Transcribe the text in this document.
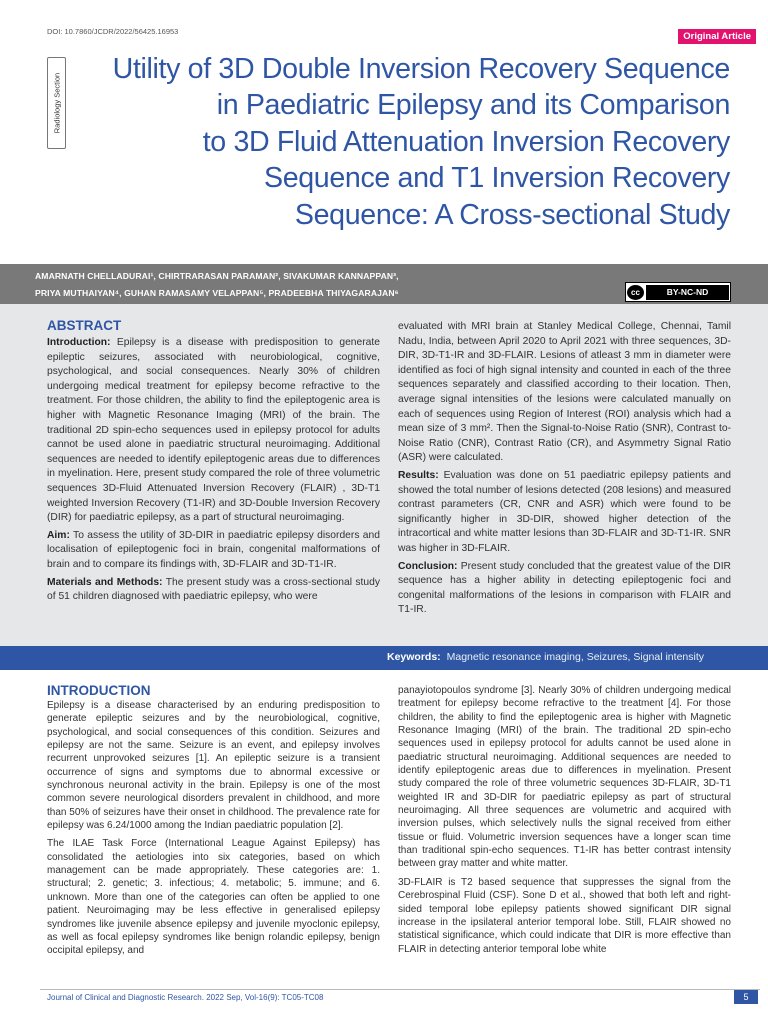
DOI: 10.7860/JCDR/2022/56425.16953	Original Article
Radiology Section
Utility of 3D Double Inversion Recovery Sequence
in Paediatric Epilepsy and its Comparison
to 3D Fluid Attenuation Inversion Recovery
Sequence and T1 Inversion Recovery
Sequence: A Cross-sectional Study
AMARNATH CHELLADURAI¹, CHIRTRARASAN PARAMAN², SIVAKUMAR KANNAPPAN³,
PRIYA MUTHAIYAN⁴, GUHAN RAMASAMY VELAPPAN⁵, PRADEEBHA THIYAGARAJAN⁶	cc	BY-NC-ND
ABSTRACT

Introduction: Epilepsy is a disease with predisposition to generate epileptic seizures, associated with neurobiological, cognitive, psychological, and social consequences. Nearly 30% of children undergoing medical treatment for epilepsy become refractive to the treatment. For those children, the ability to find the epileptogenic area is higher with Magnetic Resonance Imaging (MRI) of the brain. The traditional 2D spin-echo sequences used in epilepsy protocol for adults cannot be used alone in paediatric structural neuroimaging. Additional sequences are needed to identify epileptogenic areas due to differences in myelination. Here, present study compared the role of three volumetric sequences 3D-Fluid Attenuated Inversion Recovery (FLAIR) , 3D-T1 weighted Inversion Recovery (T1-IR) and 3D-Double Inversion Recovery (DIR) for paediatric epilepsy, as a part of structural neuroimaging.

Aim: To assess the utility of 3D-DIR in paediatric epilepsy disorders and localisation of epileptogenic foci in brain, congenital malformations of brain and to compare its findings with, 3D-FLAIR and 3D-T1-IR.

Materials and Methods: The present study was a cross-sectional study of 51 children diagnosed with paediatric epilepsy, who were

evaluated with MRI brain at Stanley Medical College, Chennai, Tamil Nadu, India, between April 2020 to April 2021 with three sequences, 3D-DIR, 3D-T1-IR and 3D-FLAIR. Lesions of atleast 3 mm in diameter were identified as foci of high signal intensity and counted in each of the three sequences separately and classified according to their location. Then, average signal intensities of the lesions were calculated manually on each of sequences using Region of Interest (ROI) analysis which had a mean size of 3 mm². Then the Signal-to-Noise Ratio (SNR), Contrast to-Noise Ratio (CNR), Contrast Ratio (CR), and Asymmetry Signal Ratio (ASR) were calculated.

Results: Evaluation was done on 51 paediatric epilepsy patients and showed the total number of lesions detected (208 lesions) and measured contrast parameters (CR, CNR and ASR) which were found to be significantly higher in 3D-DIR, showed higher detection of the intracortical and white matter lesions than 3D-FLAIR and 3D-T1-IR. SNR was higher in 3D-FLAIR.

Conclusion: Present study concluded that the greatest value of the DIR sequence has a higher ability in detecting epileptogenic foci and congenital malformations of the lesions in comparison with FLAIR and T1-IR.

Keywords: Magnetic resonance imaging, Seizures, Signal intensity
INTRODUCTION

Epilepsy is a disease characterised by an enduring predisposition to generate epileptic seizures and by the neurobiological, cognitive, psychological, and social consequences of this condition. Seizures and epilepsy are not the same. Seizure is an event, and epilepsy involves recurrent unprovoked seizures [1]. An epileptic seizure is a transient occurrence of signs and symptoms due to abnormal excessive or synchronous neuronal activity in the brain. Epilepsy is one of the most common severe neurological disorders prevalent in childhood, and more than 50% of seizures have their onset in childhood. The prevalence rate for epilepsy was 6.24/1000 among the Indian paediatric population [2].

The ILAE Task Force (International League Against Epilepsy) has consolidated the aetiologies into six categories, based on which management can be made appropriately. These categories are: 1. structural; 2. genetic; 3. infectious; 4. metabolic; 5. immune; and 6. unknown. More than one of the categories can often be applied to one patient. Neuroimaging may be less effective in generalised epilepsy syndromes like juvenile absence epilepsy and juvenile myoclonic epilepsy, as well as focal epilepsy syndromes like benign rolandic epilepsy, benign occipital epilepsy, and

panayiotopoulos syndrome [3]. Nearly 30% of children undergoing medical treatment for epilepsy become refractive to the treatment [4]. For those children, the ability to find the epileptogenic area is higher with Magnetic Resonance Imaging (MRI) of the brain. The traditional 2D spin-echo sequences used in epilepsy protocol for adults cannot be used alone in paediatric structural neuroimaging. Additional sequences are needed to identify epileptogenic areas due to differences in myelination. Present study compared the role of three volumetric sequences 3D-FLAIR, 3D-T1 weighted IR and 3D-DIR for paediatric epilepsy as part of structural neuroimaging. All three sequences are volumetric and acquired with inversion pulses, which selectively nulls the signal received from either tissue or fluid. Volumetric inversion sequences have a longer scan time than traditional spin-echo sequences. T1-IR has better contrast intensity between gray matter and white matter.

3D-FLAIR is T2 based sequence that suppresses the signal from the Cerebrospinal Fluid (CSF). Sone D et al., showed that both left and right-sided temporal lobe epilepsy patients showed significant DIR signal increase in the ipsilateral anterior temporal lobe. Still, FLAIR showed no statistical significance, which could indicate that DIR is more effective than FLAIR in detecting anterior temporal lobe white

Journal of Clinical and Diagnostic Research. 2022 Sep, Vol-16(9): TC05-TC08	5
